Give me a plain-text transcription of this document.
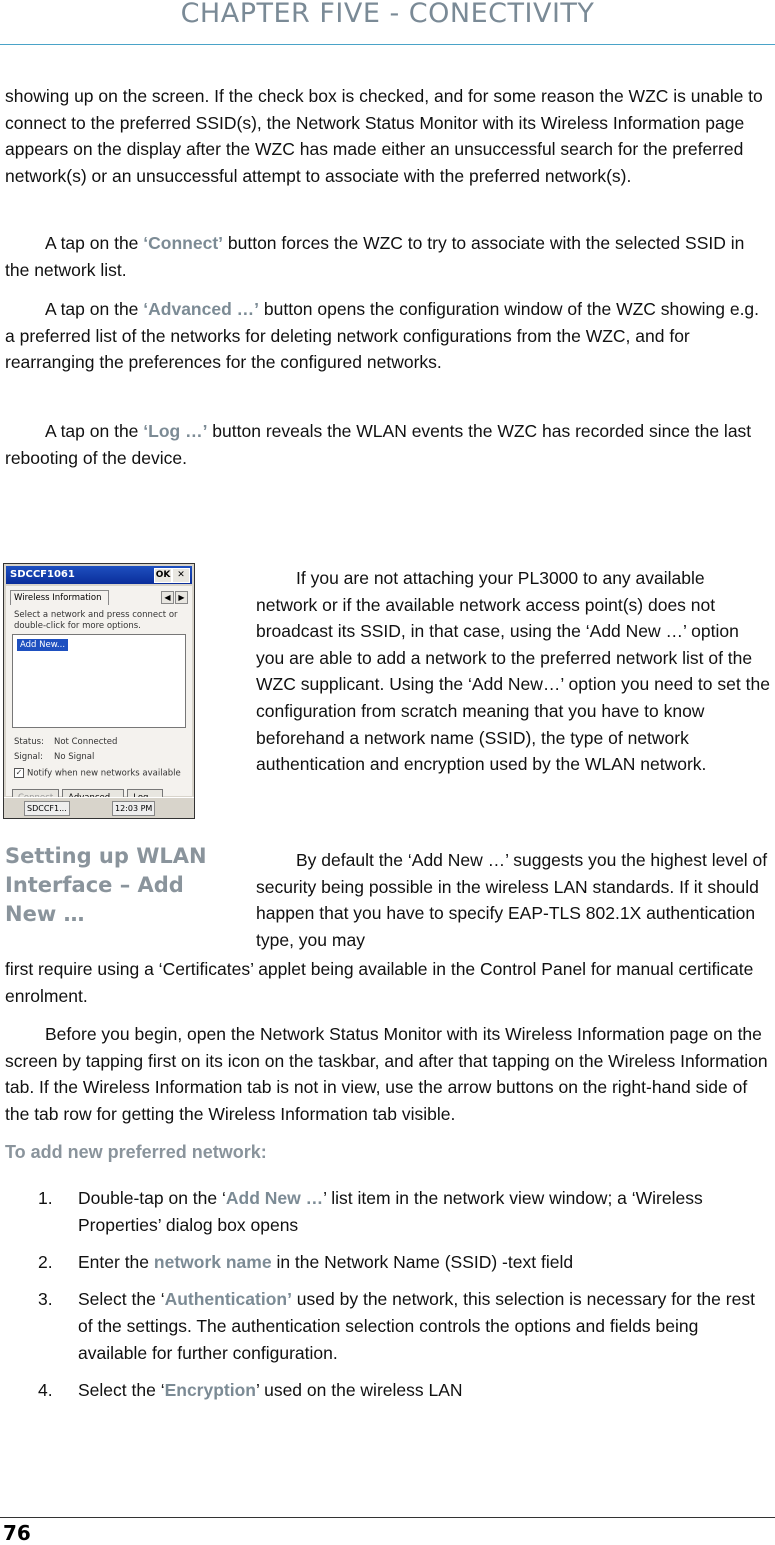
CHAPTER FIVE - CONECTIVITY

showing up on the screen. If the check box is checked, and for some reason the WZC is unable to connect to the preferred SSID(s), the Network Status Monitor with its Wireless Information page appears on the display after the WZC has made either an unsuccessful search for the preferred network(s) or an unsuccessful attempt to associate with the preferred network(s).

A tap on the ‘Connect’ button forces the WZC to try to associate with the selected SSID in the network list.

A tap on the ‘Advanced …’ button opens the configuration window of the WZC showing e.g. a preferred list of the networks for deleting network configurations from the WZC, and for rearranging the preferences for the configured networks.

A tap on the ‘Log …’ button reveals the WLAN events the WZC has recorded since the last rebooting of the device.

SDCCF1061	OK ✕
Wireless Information	◀ ▶
Select a network and press connect or double-click for more options.
Add New...
Status: Not Connected
Signal: No Signal
✓ Notify when new networks available
SDCCF1...	12:03 PM
Setting up WLAN Interface – Add New …

If you are not attaching your PL3000 to any available network or if the available network access point(s) does not broadcast its SSID, in that case, using the ‘Add New …’ option you are able to add a network to the preferred network list of the WZC supplicant. Using the ‘Add New…’ option you need to set the configuration from scratch meaning that you have to know beforehand a network name (SSID), the type of network authentication and encryption used by the WLAN network.

By default the ‘Add New …’ suggests you the highest level of security being possible in the wireless LAN standards. If it should happen that you have to specify EAP-TLS 802.1X authentication type, you may

first require using a ‘Certificates’ applet being available in the Control Panel for manual certificate enrolment.

Before you begin, open the Network Status Monitor with its Wireless Information page on the screen by tapping first on its icon on the taskbar, and after that tapping on the Wireless Information tab. If the Wireless Information tab is not in view, use the arrow buttons on the right-hand side of the tab row for getting the Wireless Information tab visible.

To add new preferred network:
1. Double-tap on the ‘Add New …’ list item in the network view window; a ‘Wireless Properties’ dialog box opens
2. Enter the network name in the Network Name (SSID) -text field
3. Select the ‘Authentication’ used by the network, this selection is necessary for the rest of the settings. The authentication selection controls the options and fields being available for further configuration.
4. Select the ‘Encryption’ used on the wireless LAN
76
